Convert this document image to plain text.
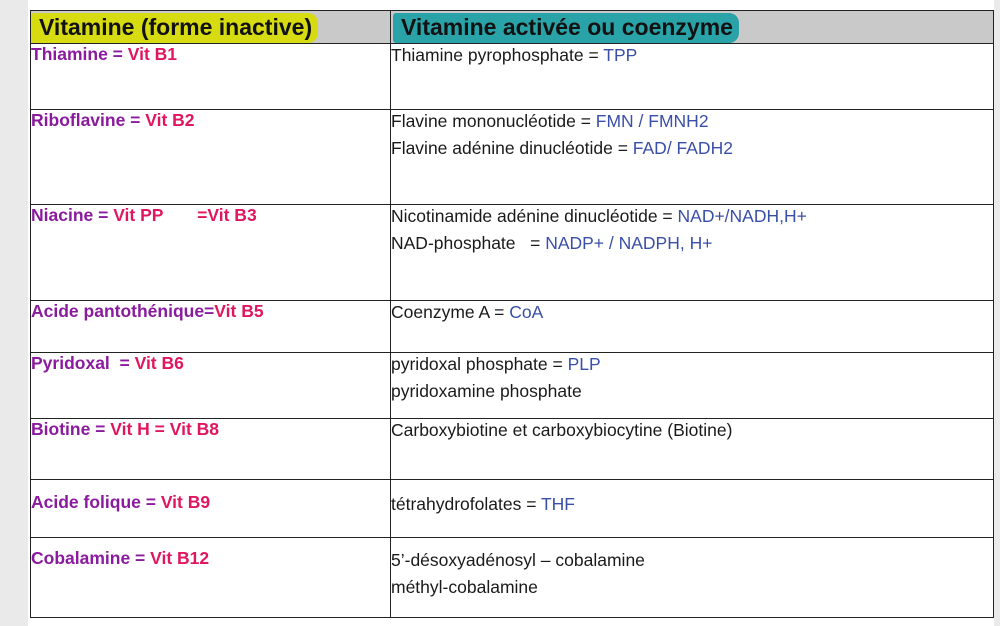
Vitamine (forme inactive)	Vitamine activée ou coenzyme
Thiamine = Vit B1	Thiamine pyrophosphate = TPP

Riboflavine = Vit B2	Flavine mononucléotide = FMN / FMNH2
Flavine adénine dinucléotide = FAD/ FADH2

Niacine = Vit PP       =Vit B3	Nicotinamide adénine dinucléotide = NAD+/NADH,H+
NAD-phosphate   = NADP+ / NADPH, H+

Acide pantothénique=Vit B5	Coenzyme A = CoA

Pyridoxal  = Vit B6	pyridoxal phosphate = PLP
pyridoxamine phosphate

Biotine = Vit H = Vit B8	Carboxybiotine et carboxybiocytine (Biotine)

Acide folique = Vit B9	tétrahydrofolates = THF

Cobalamine = Vit B12	5’-désoxyadénosyl – cobalamine
méthyl-cobalamine
